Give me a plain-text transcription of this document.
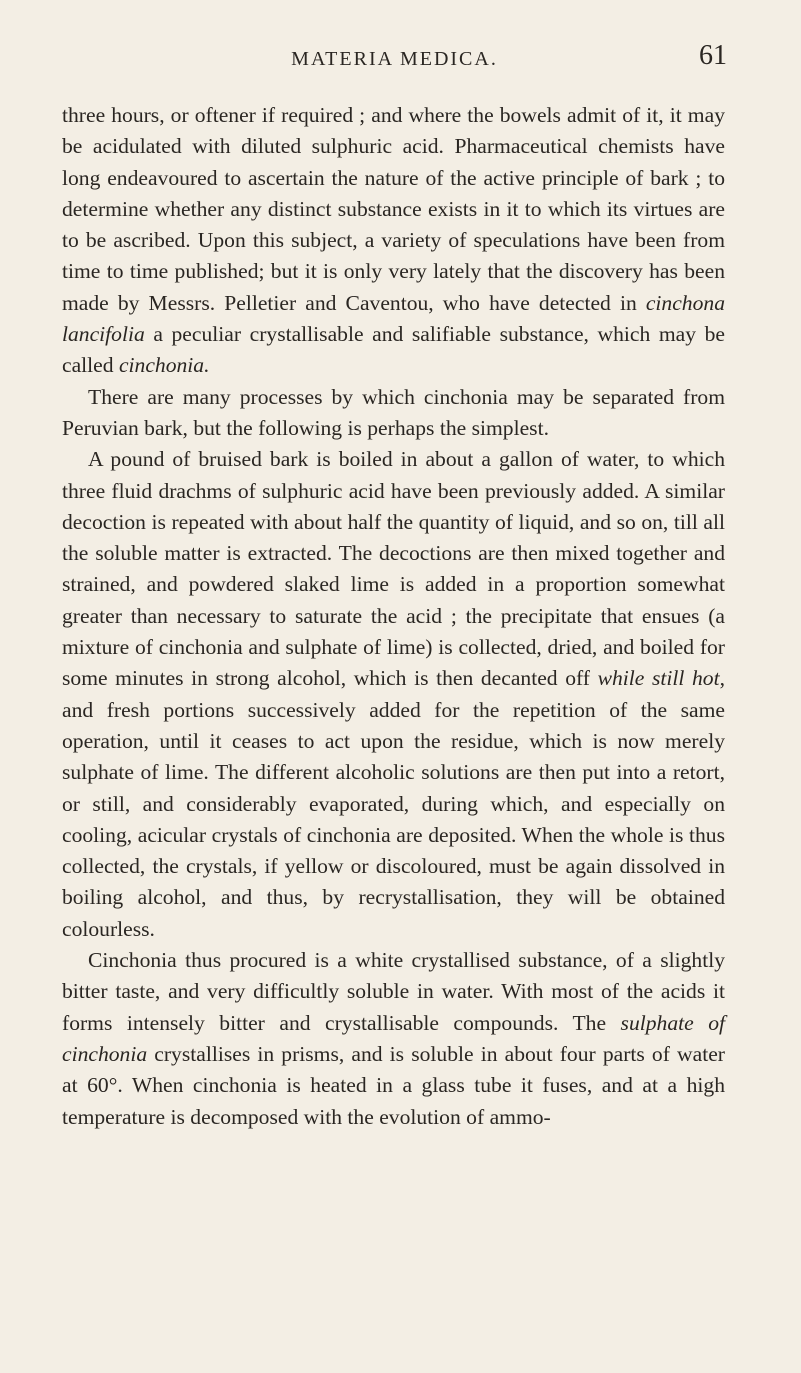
MATERIA MEDICA.	61

three hours, or oftener if required ; and where the bowels admit of it, it may be acidulated with diluted sulphuric acid. Pharmaceutical chemists have long endeavoured to ascertain the nature of the active principle of bark ; to determine whether any distinct substance exists in it to which its virtues are to be ascribed. Upon this subject, a variety of speculations have been from time to time published; but it is only very lately that the discovery has been made by Messrs. Pelletier and Caventou, who have detected in cinchona lancifolia a peculiar crystallisable and salifiable substance, which may be called cinchonia.

There are many processes by which cinchonia may be separated from Peruvian bark, but the following is perhaps the simplest.

A pound of bruised bark is boiled in about a gallon of water, to which three fluid drachms of sulphuric acid have been previously added. A similar decoction is repeated with about half the quantity of liquid, and so on, till all the soluble matter is extracted. The decoctions are then mixed together and strained, and powdered slaked lime is added in a proportion somewhat greater than necessary to saturate the acid ; the precipitate that ensues (a mixture of cinchonia and sulphate of lime) is collected, dried, and boiled for some minutes in strong alcohol, which is then decanted off while still hot, and fresh portions successively added for the repetition of the same operation, until it ceases to act upon the residue, which is now merely sulphate of lime. The different alcoholic solutions are then put into a retort, or still, and considerably evaporated, during which, and especially on cooling, acicular crystals of cinchonia are deposited. When the whole is thus collected, the crystals, if yellow or discoloured, must be again dissolved in boiling alcohol, and thus, by recrystallisation, they will be obtained colourless.

Cinchonia thus procured is a white crystallised substance, of a slightly bitter taste, and very difficultly soluble in water. With most of the acids it forms intensely bitter and crystallisable compounds. The sulphate of cinchonia crystallises in prisms, and is soluble in about four parts of water at 60°. When cinchonia is heated in a glass tube it fuses, and at a high temperature is decomposed with the evolution of ammo-
